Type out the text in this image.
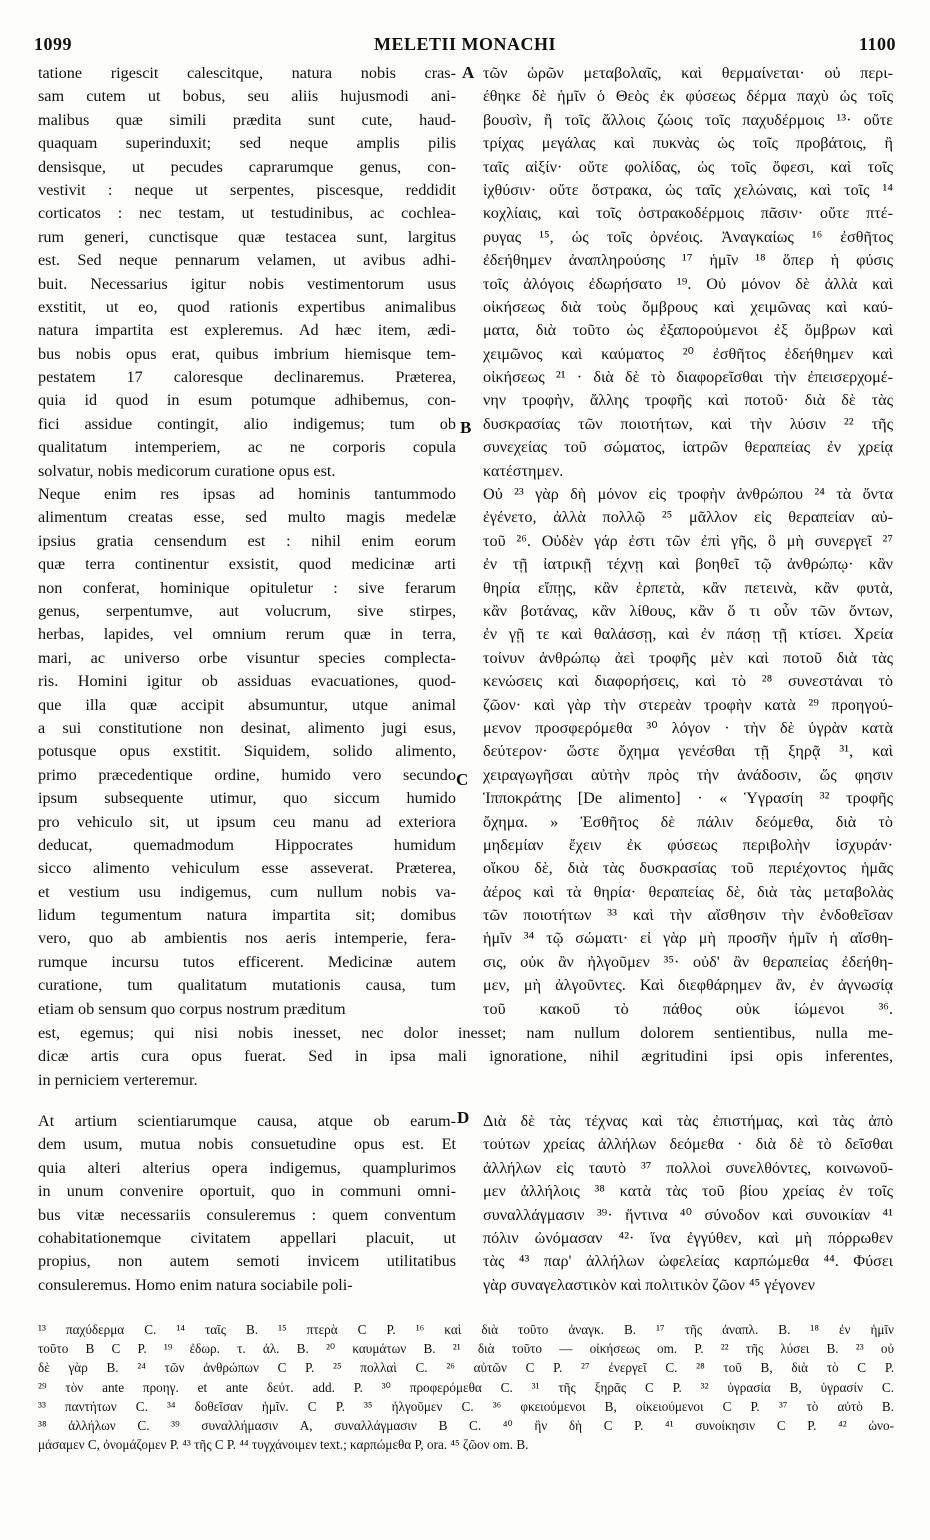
1099	MELETII MONACHI	1100
tatione rigescit calescitque, natura nobis cras-
sam cutem ut bobus, seu aliis hujusmodi ani-
malibus quæ simili prædita sunt cute, haud-
quaquam superinduxit; sed neque amplis pilis
densisque, ut pecudes caprarumque genus, con-
vestivit : neque ut serpentes, piscesque, reddidit
corticatos : nec testam, ut testudinibus, ac cochlea-
rum generi, cunctisque quæ testacea sunt, largitus
est. Sed neque pennarum velamen, ut avibus adhi-
buit. Necessarius igitur nobis vestimentorum usus
exstitit, ut eo, quod rationis expertibus animalibus
natura impartita est expleremus. Ad hæc item, ædi-
bus nobis opus erat, quibus imbrium hiemisque tem-
pestatem 17 caloresque declinaremus. Præterea,
quia id quod in esum potumque adhibemus, con-
fici assidue contingit, alio indigemus; tum ob
qualitatum intemperiem, ac ne corporis copula
solvatur, nobis medicorum curatione opus est.
Neque enim res ipsas ad hominis tantummodo
alimentum creatas esse, sed multo magis medelæ
ipsius gratia censendum est : nihil enim eorum
quæ terra continentur exsistit, quod medicinæ arti
non conferat, hominique opituletur : sive ferarum
genus, serpentumve, aut volucrum, sive stirpes,
herbas, lapides, vel omnium rerum quæ in terra,
mari, ac universo orbe visuntur species complecta-
ris. Homini igitur ob assiduas evacuationes, quod-
que illa quæ accipit absumuntur, utque animal
a sui constitutione non desinat, alimento jugi esus,
potusque opus exstitit. Siquidem, solido alimento,
primo præcedentique ordine, humido vero secundo
ipsum subsequente utimur, quo siccum humido
pro vehiculo sit, ut ipsum ceu manu ad exteriora
deducat, quemadmodum Hippocrates humidum
sicco alimento vehiculum esse asseverat. Præterea,
et vestium usu indigemus, cum nullum nobis va-
lidum tegumentum natura impartita sit; domibus
vero, quo ab ambientis nos aeris intemperie, fera-
rumque incursu tutos efficerent. Medicinæ autem
curatione, tum qualitatum mutationis causa, tum
etiam ob sensum quo corpus nostrum præditum
τῶν ὡρῶν μεταβολαῖς, καὶ θερμαίνεται· οὐ περι-
έθηκε δὲ ἡμῖν ὁ Θεὸς ἐκ φύσεως δέρμα παχὺ ὡς τοῖς
βουσὶν, ἢ τοῖς ἄλλοις ζώοις τοῖς παχυδέρμοις ¹³· οὔτε
τρίχας μεγάλας καὶ πυκνὰς ὡς τοῖς προβάτοις, ἢ
ταῖς αἰξίν· οὔτε φολίδας, ὡς τοῖς ὄφεσι, καὶ τοῖς
ἰχθύσιν· οὔτε ὄστρακα, ὡς ταῖς χελώναις, καὶ τοῖς ¹⁴
κοχλίαις, καὶ τοῖς ὀστρακοδέρμοις πᾶσιν· οὔτε πτέ-
ρυγας ¹⁵, ὡς τοῖς ὀρνέοις. Ἀναγκαίως ¹⁶ ἐσθῆτος
ἐδεήθημεν ἀναπληρούσης ¹⁷ ἡμῖν ¹⁸ ὅπερ ἡ φύσις
τοῖς ἀλόγοις ἐδωρήσατο ¹⁹. Οὐ μόνον δὲ ἀλλὰ καὶ
οἰκήσεως διὰ τοὺς ὄμβρους καὶ χειμῶνας καὶ καύ-
ματα, διὰ τοῦτο ὡς ἐξαπορούμενοι ἐξ ὄμβρων καὶ
χειμῶνος καὶ καύματος ²⁰ ἐσθῆτος ἐδεήθημεν καὶ
οἰκήσεως ²¹ · διὰ δὲ τὸ διαφορεῖσθαι τὴν ἐπεισερχομέ-
νην τροφὴν, ἄλλης τροφῆς καὶ ποτοῦ· διὰ δὲ τὰς
δυσκρασίας τῶν ποιοτήτων, καὶ τὴν λύσιν ²² τῆς
συνεχείας τοῦ σώματος, ἰατρῶν θεραπείας ἐν χρείᾳ
κατέστημεν.
Οὐ ²³ γὰρ δὴ μόνον εἰς τροφὴν ἀνθρώπου ²⁴ τὰ ὄντα
ἐγένετο, ἀλλὰ πολλῷ ²⁵ μᾶλλον εἰς θεραπείαν αὐ-
τοῦ ²⁶. Οὐδὲν γάρ ἐστι τῶν ἐπὶ γῆς, ὃ μὴ συνεργεῖ ²⁷
ἐν τῇ ἰατρικῇ τέχνῃ καὶ βοηθεῖ τῷ ἀνθρώπῳ· κἂν
θηρία εἴπῃς, κἂν ἑρπετὰ, κἂν πετεινὰ, κἂν φυτὰ,
κἂν βοτάνας, κἂν λίθους, κἂν ὅ τι οὖν τῶν ὄντων,
ἐν γῇ τε καὶ θαλάσσῃ, καὶ ἐν πάσῃ τῇ κτίσει. Χρεία
τοίνυν ἀνθρώπῳ ἀεὶ τροφῆς μὲν καὶ ποτοῦ διὰ τὰς
κενώσεις καὶ διαφορήσεις, καὶ τὸ ²⁸ συνεστάναι τὸ
ζῶον· καὶ γὰρ τὴν στερεὰν τροφὴν κατὰ ²⁹ προηγού-
μενον προσφερόμεθα ³⁰ λόγον · τὴν δὲ ὑγρὰν κατὰ
δεύτερον· ὥστε ὄχημα γενέσθαι τῇ ξηρᾷ ³¹, καὶ
χειραγωγῆσαι αὐτὴν πρὸς τὴν ἀνάδοσιν, ὥς φησιν
Ἱπποκράτης [De alimento] · « Ὑγρασίη ³² τροφῆς
ὄχημα. » Ἐσθῆτος δὲ πάλιν δεόμεθα, διὰ τὸ
μηδεμίαν ἔχειν ἐκ φύσεως περιβολὴν ἰσχυράν·
οἴκου δὲ, διὰ τὰς δυσκρασίας τοῦ περιέχοντος ἡμᾶς
ἀέρος καὶ τὰ θηρία· θεραπείας δὲ, διὰ τὰς μεταβολὰς
τῶν ποιοτήτων ³³ καὶ τὴν αἴσθησιν τὴν ἐνδοθεῖσαν
ἡμῖν ³⁴ τῷ σώματι· εἰ γὰρ μὴ προσῆν ἡμῖν ἡ αἴσθη-
σις, οὐκ ἂν ἠλγοῦμεν ³⁵· οὐδ' ἂν θεραπείας ἐδεήθη-
μεν, μὴ ἀλγοῦντες. Καὶ διεφθάρημεν ἂν, ἐν ἀγνωσίᾳ
τοῦ κακοῦ τὸ πάθος οὐκ ἰώμενοι ³⁶.
A
B
C
D
est, egemus; qui nisi nobis inesset, nec dolor inesset; nam nullum dolorem sentientibus, nulla me-
dicæ artis cura opus fuerat. Sed in ipsa mali ignoratione, nihil ægritudini ipsi opis inferentes,
in perniciem verteremur.
At artium scientiarumque causa, atque ob earum-
dem usum, mutua nobis consuetudine opus est. Et
quia alteri alterius opera indigemus, quamplurimos
in unum convenire oportuit, quo in communi omni-
bus vitæ necessariis consuleremus : quem conventum
cohabitationemque civitatem appellari placuit, ut
propius, non autem semoti invicem utilitatibus
consuleremus. Homo enim natura sociabile poli-
Διὰ δὲ τὰς τέχνας καὶ τὰς ἐπιστήμας, καὶ τὰς ἀπὸ
τούτων χρείας ἀλλήλων δεόμεθα · διὰ δὲ τὸ δεῖσθαι
ἀλλήλων εἰς ταυτὸ ³⁷ πολλοὶ συνελθόντες, κοινωνοῦ-
μεν ἀλλήλοις ³⁸ κατὰ τὰς τοῦ βίου χρείας ἐν τοῖς
συναλλάγμασιν ³⁹· ἥντινα ⁴⁰ σύνοδον καὶ συνοικίαν ⁴¹
πόλιν ὠνόμασαν ⁴²· ἵνα ἐγγύθεν, καὶ μὴ πόρρωθεν
τὰς ⁴³ παρ' ἀλλήλων ὠφελείας καρπώμεθα ⁴⁴. Φύσει
γὰρ συναγελαστικὸν καὶ πολιτικὸν ζῶον ⁴⁵ γέγονεν
¹³ παχύδερμα C. ¹⁴ ταῖς B. ¹⁵ πτερὰ C P. ¹⁶ καὶ διὰ τοῦτο ἀναγκ. B. ¹⁷ τῆς ἀναπλ. B. ¹⁸ ἐν ἡμῖν
τοῦτο B C P. ¹⁹ ἐδωρ. τ. ἀλ. B. ²⁰ καυμάτων B. ²¹ διὰ τοῦτο — οἰκήσεως om. P. ²² τῆς λύσει B. ²³ οὐ
δὲ γὰρ B. ²⁴ τῶν ἀνθρώπων C P. ²⁵ πολλαὶ C. ²⁶ αὐτῶν C P. ²⁷ ἐνεργεῖ C. ²⁸ τοῦ B, διὰ τὸ C P.
²⁹ τὸν ante προηγ. et ante δεύτ. add. P. ³⁰ προφερόμεθα C. ³¹ τῆς ξηρᾶς C P. ³² ὑγρασία B, ὑγρασίν C.
³³ παντήτων C. ³⁴ δοθεῖσαν ἡμῖν. C P. ³⁵ ἠλγοῦμεν C. ³⁶ φκειούμενοι B, οἰκειούμενοι C P. ³⁷ τὸ αὐτὸ B.
³⁸ ἀλλήλων C. ³⁹ συναλλήμασιν A, συναλλάγμασιν B C. ⁴⁰ ἣν δὴ C P. ⁴¹ συνοίκησιν C P. ⁴² ὠνο-
μάσαμεν C, ὀνομάζομεν P. ⁴³ τῆς C P. ⁴⁴ τυγχάνοιμεν text.; καρπώμεθα P, ora. ⁴⁵ ζῶον om. B.
